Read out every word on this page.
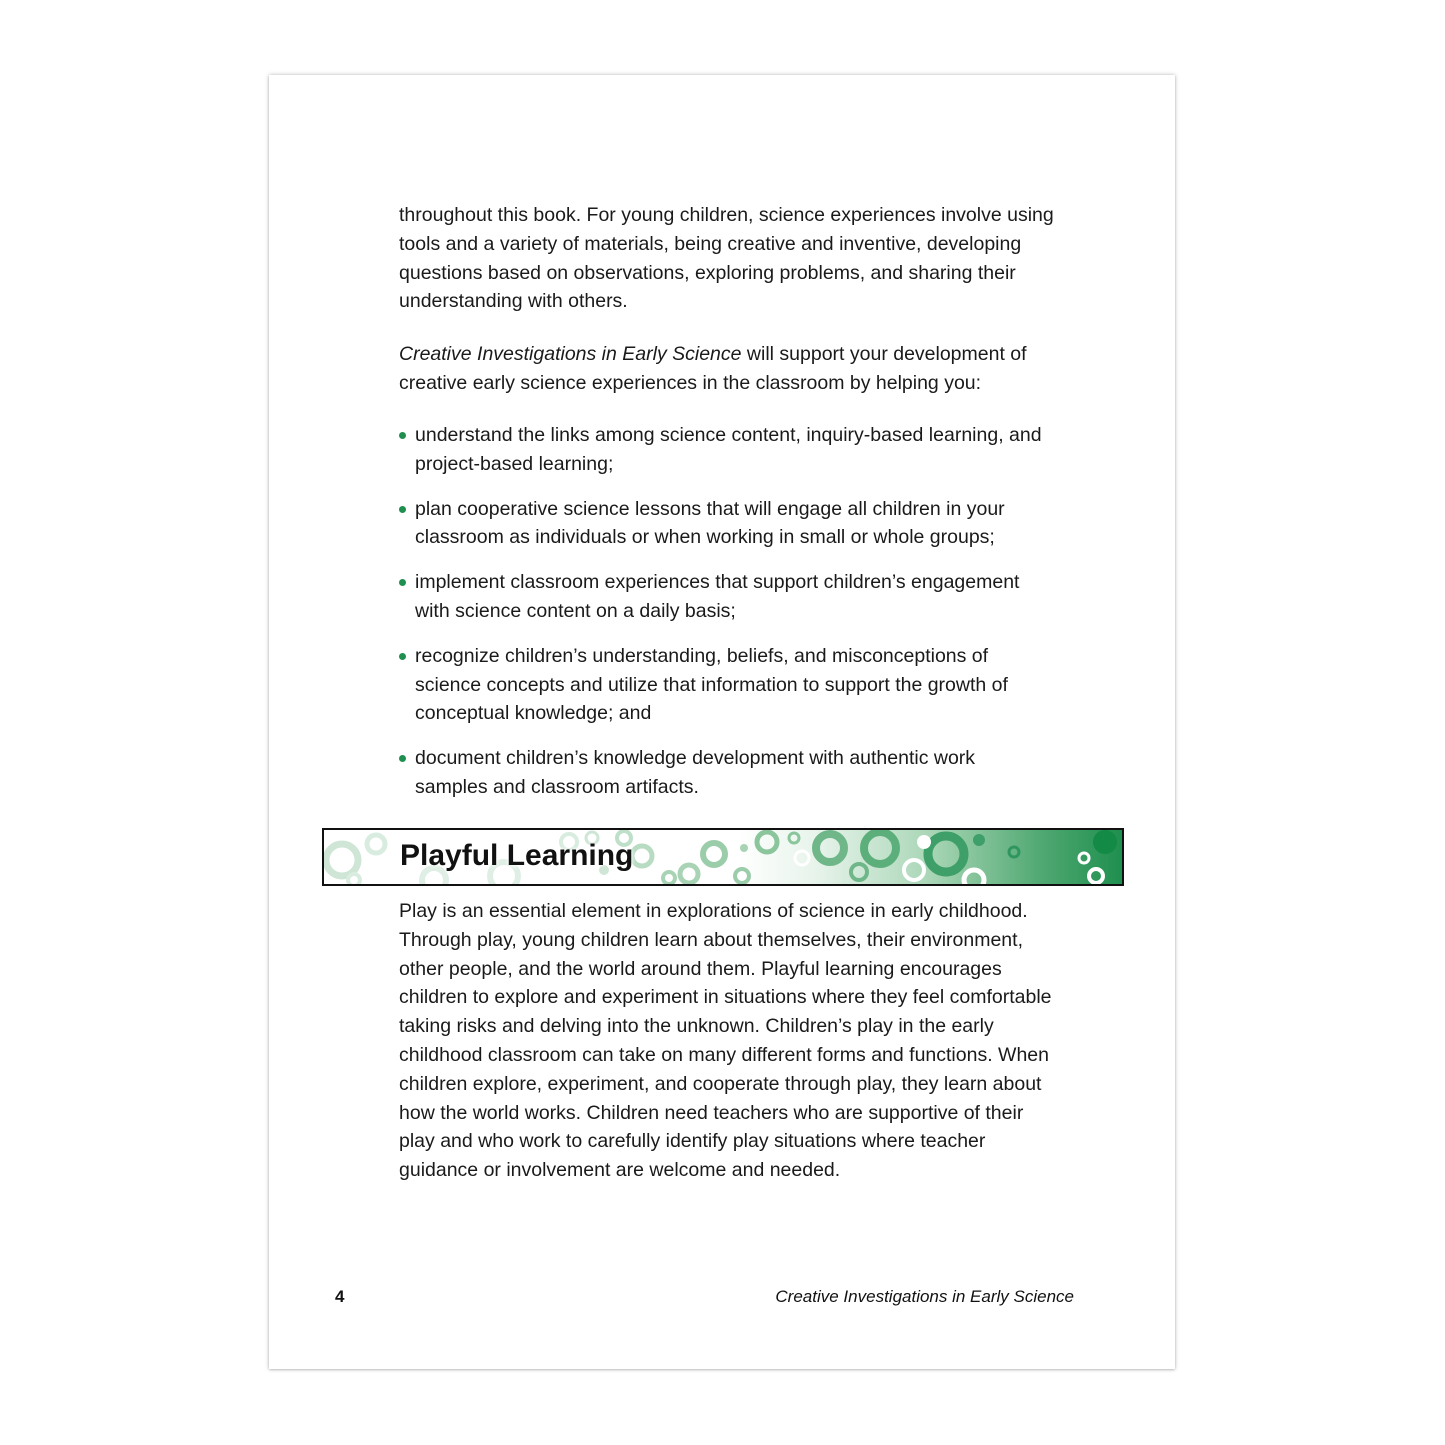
throughout this book. For young children, science experiences involve using tools and a variety of materials, being creative and inventive, developing questions based on observations, exploring problems, and sharing their understanding with others.

Creative Investigations in Early Science will support your development of creative early science experiences in the classroom by helping you:

understand the links among science content, inquiry-based learning, and project-based learning;
plan cooperative science lessons that will engage all children in your classroom as individuals or when working in small or whole groups;
implement classroom experiences that support children’s engagement with science content on a daily basis;
recognize children’s understanding, beliefs, and misconceptions of science concepts and utilize that information to support the growth of conceptual knowledge; and
document children’s knowledge development with authentic work samples and classroom artifacts.
Playful Learning

Play is an essential element in explorations of science in early childhood. Through play, young children learn about themselves, their environment, other people, and the world around them. Playful learning encourages children to explore and experiment in situations where they feel comfortable taking risks and delving into the unknown. Children’s play in the early childhood classroom can take on many different forms and functions. When children explore, experiment, and cooperate through play, they learn about how the world works. Children need teachers who are supportive of their play and who work to carefully identify play situations where teacher guidance or involvement are welcome and needed.

4	Creative Investigations in Early Science
